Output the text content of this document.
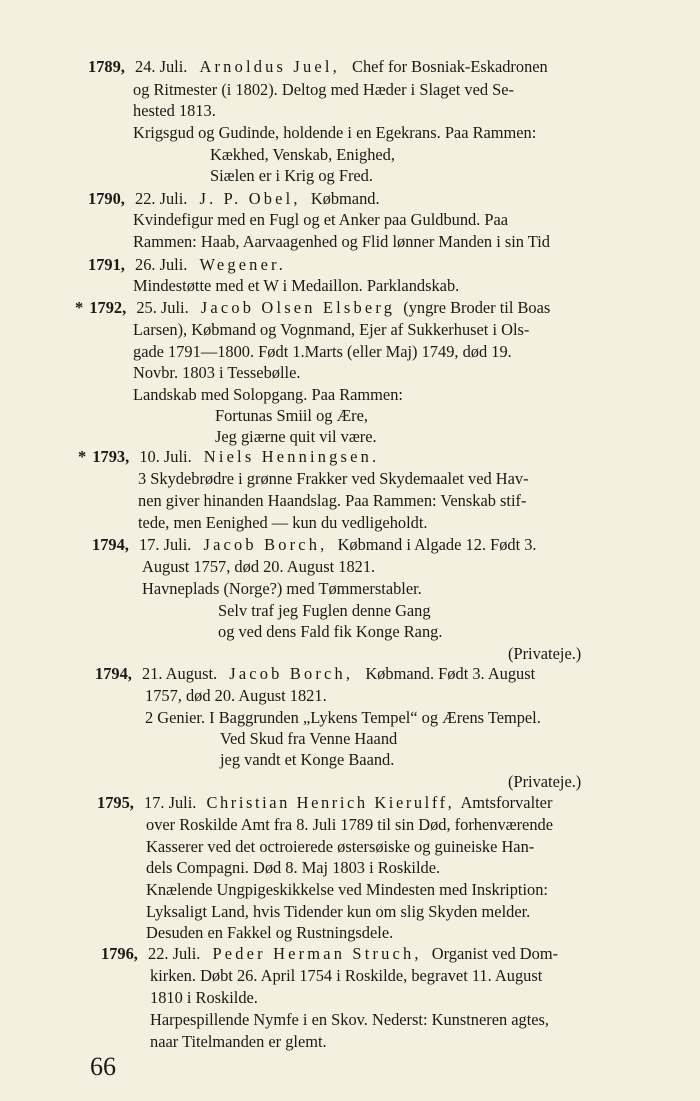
1789, 24. Juli. Arnoldus Juel, Chef for Bosniak-Eskadronen
og Ritmester (i 1802). Deltog med Hæder i Slaget ved Se-
hested 1813.
Krigsgud og Gudinde, holdende i en Egekrans. Paa Rammen:
Kækhed, Venskab, Enighed,
Siælen er i Krig og Fred.
1790, 22. Juli. J. P. Obel, Købmand.
Kvindefigur med en Fugl og et Anker paa Guldbund. Paa
Rammen: Haab, Aarvaagenhed og Flid lønner Manden i sin Tid
1791, 26. Juli. Wegener.
Mindestøtte med et W i Medaillon. Parklandskab.
* 1792, 25. Juli. Jacob Olsen Elsberg (yngre Broder til Boas
Larsen), Købmand og Vognmand, Ejer af Sukkerhuset i Ols-
gade 1791—1800. Født 1.Marts (eller Maj) 1749, død 19.
Novbr. 1803 i Tessebølle.
Landskab med Solopgang. Paa Rammen:
Fortunas Smiil og Ære,
Jeg giærne quit vil være.
* 1793, 10. Juli. Niels Henningsen.
3 Skydebrødre i grønne Frakker ved Skydemaalet ved Hav-
nen giver hinanden Haandslag. Paa Rammen: Venskab stif-
tede, men Eenighed — kun du vedligeholdt.
1794, 17. Juli. Jacob Borch, Købmand i Algade 12. Født 3.
August 1757, død 20. August 1821.
Havneplads (Norge?) med Tømmerstabler.
Selv traf jeg Fuglen denne Gang
og ved dens Fald fik Konge Rang.
(Privateje.)
1794, 21. August. Jacob Borch, Købmand. Født 3. August
1757, død 20. August 1821.
2 Genier. I Baggrunden „Lykens Tempel“ og Ærens Tempel.
Ved Skud fra Venne Haand
jeg vandt et Konge Baand.
(Privateje.)
1795, 17. Juli. Christian Henrich Kierulff, Amtsforvalter
over Roskilde Amt fra 8. Juli 1789 til sin Død, forhenværende
Kasserer ved det octroierede østersøiske og guineiske Han-
dels Compagni. Død 8. Maj 1803 i Roskilde.
Knælende Ungpigeskikkelse ved Mindesten med Inskription:
Lyksaligt Land, hvis Tidender kun om slig Skyden melder.
Desuden en Fakkel og Rustningsdele.
1796, 22. Juli. Peder Herman Struch, Organist ved Dom-
kirken. Døbt 26. April 1754 i Roskilde, begravet 11. August
1810 i Roskilde.
Harpespillende Nymfe i en Skov. Nederst: Kunstneren agtes,
naar Titelmanden er glemt.
66
